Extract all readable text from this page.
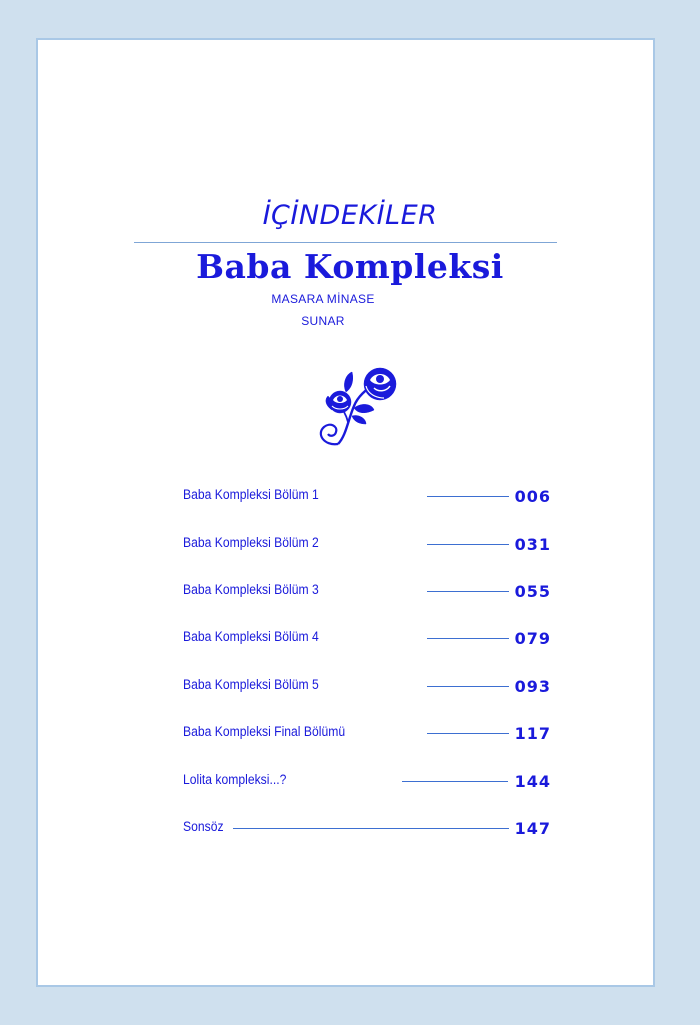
İÇİNDEKİLER
Baba Kompleksi
MASARA MİNASE
SUNAR
Baba Kompleksi Bölüm 1	006
Baba Kompleksi Bölüm 2	031
Baba Kompleksi Bölüm 3	055
Baba Kompleksi Bölüm 4	079
Baba Kompleksi Bölüm 5	093
Baba Kompleksi Final Bölümü	117
Lolita kompleksi...?	144
Sonsöz	147
